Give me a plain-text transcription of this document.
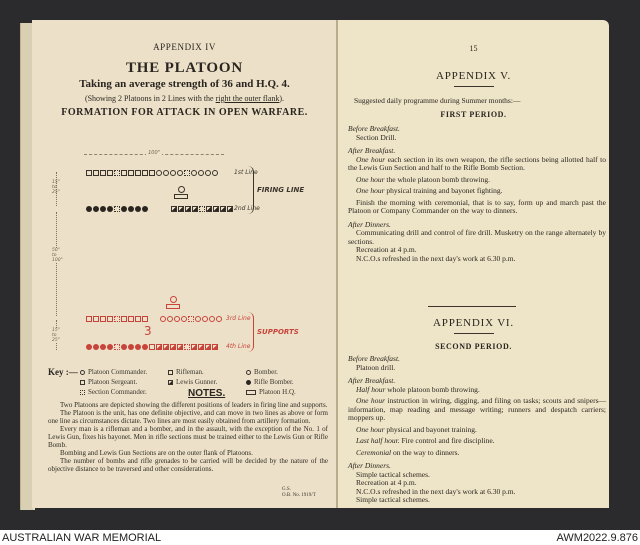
APPENDIX IV
THE PLATOON
Taking an average strength of 36 and H.Q. 4.
(Showing 2 Platoons in 2 Lines with the right the outer flank).
FORMATION FOR ATTACK IN OPEN WARFARE.
100"
1st Line
2nd Line
FIRING LINE
15"
to
25"
50"
to
100"
15"
to
25"
3rd Line
3
4th Line
SUPPORTS
Key :— Platoon Commander.
Platoon Sergeant.
Section Commander.
Rifleman.
Lewis Gunner.
Bomber.
Rifle Bomber.
Platoon H.Q.
NOTES.

Two Platoons are depicted showing the different positions of leaders in firing line and supports.

The Platoon is the unit, has one definite objective, and can move in two lines as above or form one line as circumstances dictate. Two lines are most easily obtained from artillery formation.

Every man is a rifleman and a bomber, and in the assault, with the exception of the No. 1 of Lewis Gun, fixes his bayonet. Men in rifle sections must be trained either to the Lewis Gun or Rifle Bomb.

Bombing and Lewis Gun Sections are on the outer flank of Platoons.

The number of bombs and rifle grenades to be carried will be decided by the nature of the objective distance to be traversed and other considerations.

G.S.
O.B. No. 1919/T
15
APPENDIX V.
Suggested daily programme during Summer months:—
FIRST PERIOD.
Before Breakfast.
Section Drill.
After Breakfast.
One hour each section in its own weapon, the rifle sections being allotted half to the Lewis Gun Section and half to the Rifle Bomb Section.
One hour the whole platoon bomb throwing.
One hour physical training and bayonet fighting.
Finish the morning with ceremonial, that is to say, form up and march past the Platoon or Company Commander on the way to dinners.
After Dinners.
Communicating drill and control of fire drill. Musketry on the range alternately by sections.
Recreation at 4 p.m.
N.C.O.s refreshed in the next day's work at 6.30 p.m.
APPENDIX VI.
SECOND PERIOD.
Before Breakfast.
Platoon drill.
After Breakfast.
Half hour whole platoon bomb throwing.
One hour instruction in wiring, digging, and filing on tasks; scouts and snipers—information, map reading and message writing; runners and despatch carriers; moppers up.
One hour physical and bayonet training.
Last half hour. Fire control and fire discipline.
Ceremonial on the way to dinners.
After Dinners.
Simple tactical schemes.
Recreation at 4 p.m.
N.C.O.s refreshed in the next day's work at 6.30 p.m.
Simple tactical schemes.
AUSTRALIAN WAR MEMORIAL	AWM2022.9.876
